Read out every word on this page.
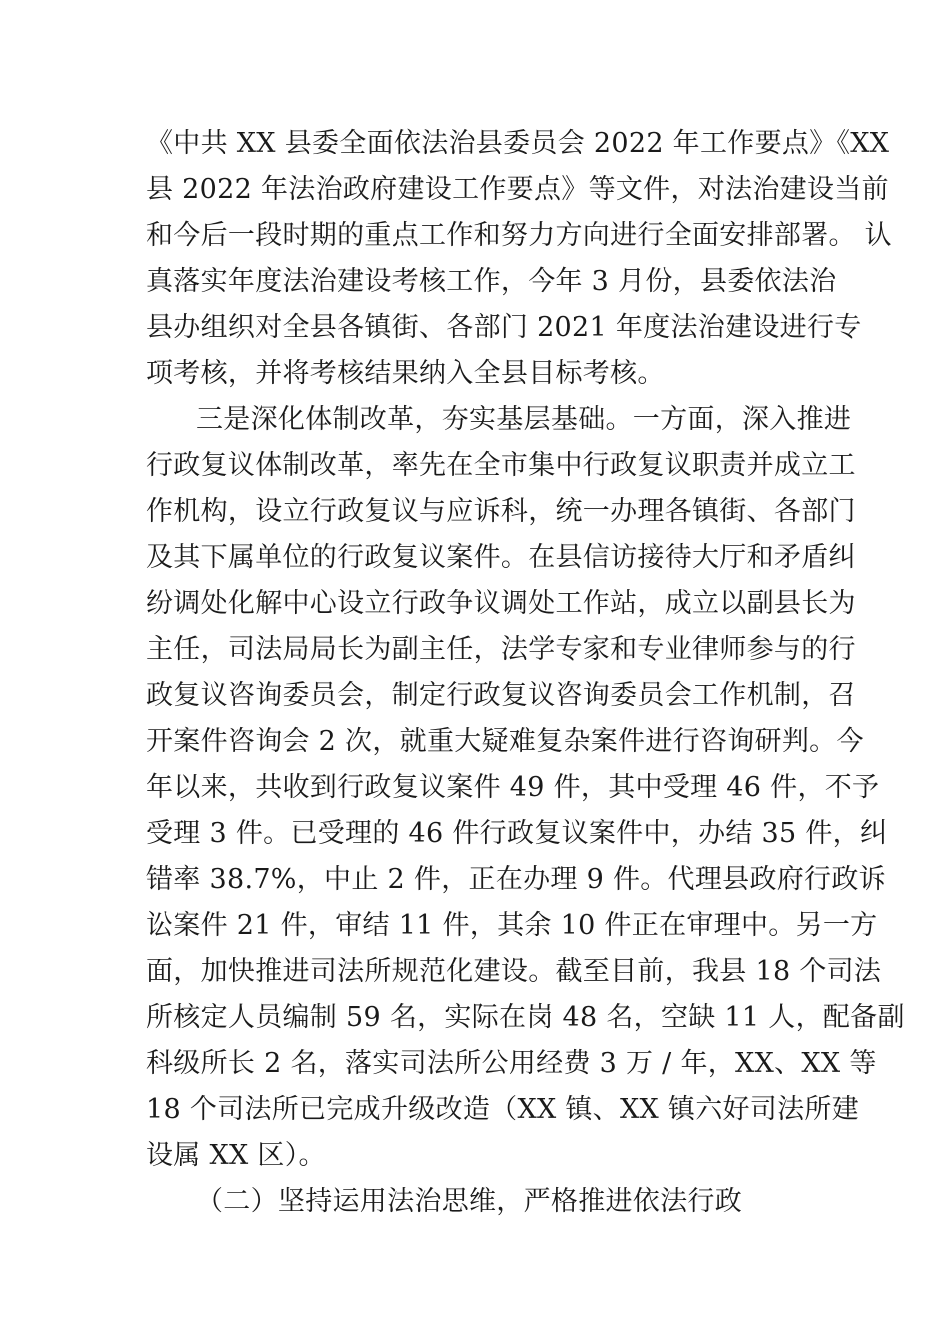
《中共 XX 县委全面依法治县委员会 2022 年工作要点》《XX
县 2022 年法治政府建设工作要点》等文件，对法治建设当前
和今后一段时期的重点工作和努力方向进行全面安排部署。 认
真落实年度法治建设考核工作，今年 3 月份，县委依法治
县办组织对全县各镇街、各部门 2021 年度法治建设进行专
项考核，并将考核结果纳入全县目标考核。
三是深化体制改革，夯实基层基础。一方面，深入推进
行政复议体制改革，率先在全市集中行政复议职责并成立工
作机构，设立行政复议与应诉科，统一办理各镇街、各部门
及其下属单位的行政复议案件。在县信访接待大厅和矛盾纠
纷调处化解中心设立行政争议调处工作站，成立以副县长为
主任，司法局局长为副主任，法学专家和专业律师参与的行
政复议咨询委员会，制定行政复议咨询委员会工作机制，召
开案件咨询会 2 次，就重大疑难复杂案件进行咨询研判。今
年以来，共收到行政复议案件 49 件，其中受理 46 件，不予
受理 3 件。已受理的 46 件行政复议案件中，办结 35 件，纠
错率 38.7%，中止 2 件，正在办理 9 件。代理县政府行政诉
讼案件 21 件，审结 11 件，其余 10 件正在审理中。另一方
面，加快推进司法所规范化建设。截至目前，我县 18 个司法
所核定人员编制 59 名，实际在岗 48 名，空缺 11 人，配备副
科级所长 2 名，落实司法所公用经费 3 万 / 年，XX、XX 等
18 个司法所已完成升级改造（XX 镇、XX 镇六好司法所建
设属 XX 区）。
（二）坚持运用法治思维，严格推进依法行政
